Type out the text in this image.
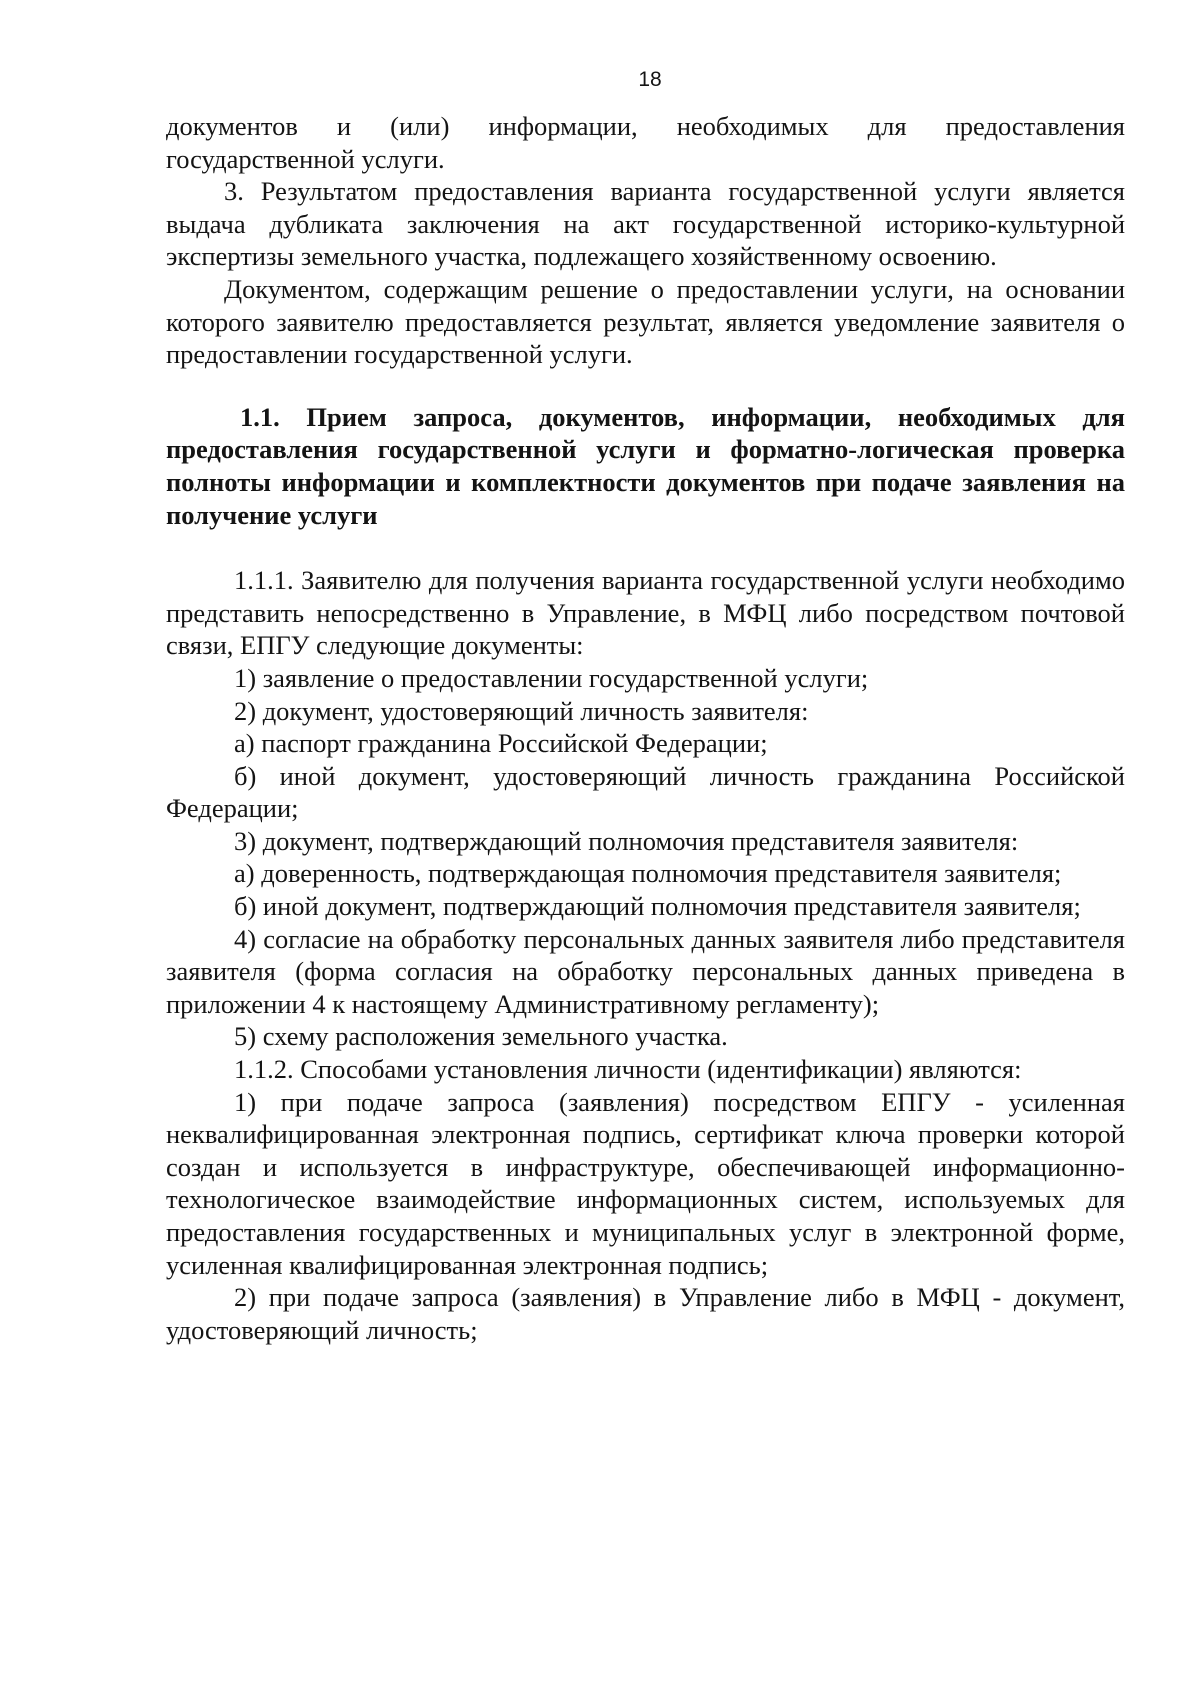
18

документов и (или) информации, необходимых для предоставления государственной услуги.

3. Результатом предоставления варианта государственной услуги является выдача дубликата заключения на акт государственной историко-культурной экспертизы земельного участка, подлежащего хозяйственному освоению.

Документом, содержащим решение о предоставлении услуги, на основании которого заявителю предоставляется результат, является уведомление заявителя о предоставлении государственной услуги.

1.1. Прием запроса, документов, информации, необходимых для предоставления государственной услуги и форматно-логическая проверка полноты информации и комплектности документов при подаче заявления на получение услуги

1.1.1. Заявителю для получения варианта государственной услуги необходимо представить непосредственно в Управление, в МФЦ либо посредством почтовой связи, ЕПГУ следующие документы:

1) заявление о предоставлении государственной услуги;

2) документ, удостоверяющий личность заявителя:

а) паспорт гражданина Российской Федерации;

б) иной документ, удостоверяющий личность гражданина Российской Федерации;

3) документ, подтверждающий полномочия представителя заявителя:

а) доверенность, подтверждающая полномочия представителя заявителя;

б) иной документ, подтверждающий полномочия представителя заявителя;

4) согласие на обработку персональных данных заявителя либо представителя заявителя (форма согласия на обработку персональных данных приведена в приложении 4 к настоящему Административному регламенту);

5) схему расположения земельного участка.

1.1.2. Способами установления личности (идентификации) являются:

1) при подаче запроса (заявления) посредством ЕПГУ - усиленная неквалифицированная электронная подпись, сертификат ключа проверки которой создан и используется в инфраструктуре, обеспечивающей информационно-технологическое взаимодействие информационных систем, используемых для предоставления государственных и муниципальных услуг в электронной форме, усиленная квалифицированная электронная подпись;

2) при подаче запроса (заявления) в Управление либо в МФЦ - документ, удостоверяющий личность;
